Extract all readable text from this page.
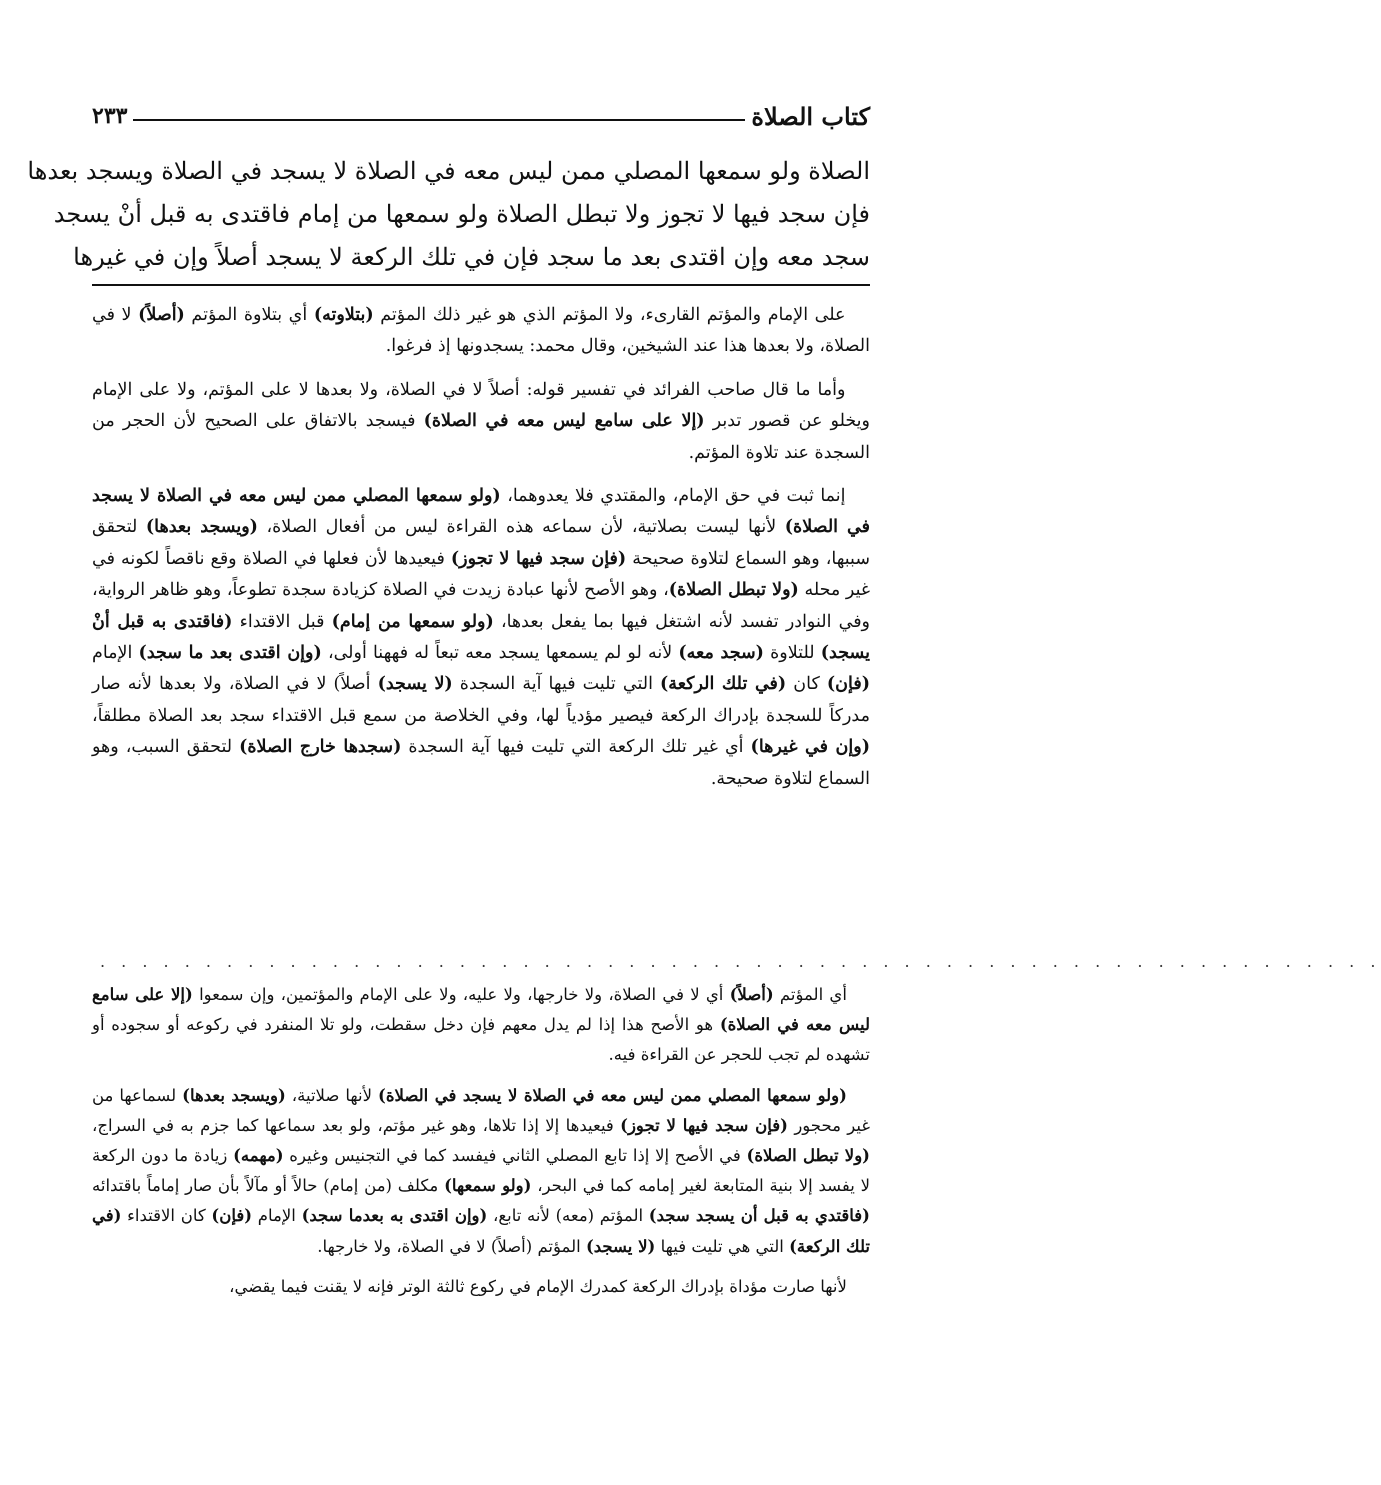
كتاب الصلاة
٢٣٣

الصلاة ولو سمعها المصلي ممن ليس معه في الصلاة لا يسجد في الصلاة ويسجد بعدها

فإن سجد فيها لا تجوز ولا تبطل الصلاة ولو سمعها من إمام فاقتدى به قبل أنْ يسجد

سجد معه وإن اقتدى بعد ما سجد فإن في تلك الركعة لا يسجد أصلاً وإن في غيرها

على الإمام والمؤتم القارىء، ولا المؤتم الذي هو غير ذلك المؤتم (بتلاوته) أي بتلاوة المؤتم (أصلاً) لا في الصلاة، ولا بعدها هذا عند الشيخين، وقال محمد: يسجدونها إذ فرغوا.

وأما ما قال صاحب الفرائد في تفسير قوله: أصلاً لا في الصلاة، ولا بعدها لا على المؤتم، ولا على الإمام ويخلو عن قصور تدبر (إلا على سامع ليس معه في الصلاة) فيسجد بالاتفاق على الصحيح لأن الحجر من السجدة عند تلاوة المؤتم.

إنما ثبت في حق الإمام، والمقتدي فلا يعدوهما، (ولو سمعها المصلي ممن ليس معه في الصلاة لا يسجد في الصلاة) لأنها ليست بصلاتية، لأن سماعه هذه القراءة ليس من أفعال الصلاة، (ويسجد بعدها) لتحقق سببها، وهو السماع لتلاوة صحيحة (فإن سجد فيها لا تجوز) فيعيدها لأن فعلها في الصلاة وقع ناقصاً لكونه في غير محله (ولا تبطل الصلاة)، وهو الأصح لأنها عبادة زيدت في الصلاة كزيادة سجدة تطوعاً، وهو ظاهر الرواية، وفي النوادر تفسد لأنه اشتغل فيها بما يفعل بعدها، (ولو سمعها من إمام) قبل الاقتداء (فاقتدى به قبل أنْ يسجد) للتلاوة (سجد معه) لأنه لو لم يسمعها يسجد معه تبعاً له فههنا أولى، (وإن اقتدى بعد ما سجد) الإمام (فإن) كان (في تلك الركعة) التي تليت فيها آية السجدة (لا يسجد) أصلاً) لا في الصلاة، ولا بعدها لأنه صار مدركاً للسجدة بإدراك الركعة فيصير مؤدياً لها، وفي الخلاصة من سمع قبل الاقتداء سجد بعد الصلاة مطلقاً، (وإن في غيرها) أي غير تلك الركعة التي تليت فيها آية السجدة (سجدها خارج الصلاة) لتحقق السبب، وهو السماع لتلاوة صحيحة.

. . . . . . . . . . . . . . . . . . . . . . . . . . . . . . . . . . . . . . . . . . . . . . . . . . . . . . . . . . . . .

أي المؤتم (أصلاً) أي لا في الصلاة، ولا خارجها، ولا عليه، ولا على الإمام والمؤتمين، وإن سمعوا (إلا على سامع ليس معه في الصلاة) هو الأصح هذا إذا لم يدل معهم فإن دخل سقطت، ولو تلا المنفرد في ركوعه أو سجوده أو تشهده لم تجب للحجر عن القراءة فيه.

(ولو سمعها المصلي ممن ليس معه في الصلاة لا يسجد في الصلاة) لأنها صلاتية، (ويسجد بعدها) لسماعها من غير محجور (فإن سجد فيها لا تجوز) فيعيدها إلا إذا تلاها، وهو غير مؤتم، ولو بعد سماعها كما جزم به في السراج، (ولا تبطل الصلاة) في الأصح إلا إذا تابع المصلي الثاني فيفسد كما في التجنيس وغيره (مهمه) زيادة ما دون الركعة لا يفسد إلا بنية المتابعة لغير إمامه كما في البحر، (ولو سمعها) مكلف (من إمام) حالاً أو مآلاً بأن صار إماماً باقتدائه (فاقتدي به قبل أن يسجد سجد) المؤتم (معه) لأنه تابع، (وإن اقتدى به بعدما سجد) الإمام (فإن) كان الاقتداء (في تلك الركعة) التي هي تليت فيها (لا يسجد) المؤتم (أصلاً) لا في الصلاة، ولا خارجها.

لأنها صارت مؤداة بإدراك الركعة كمدرك الإمام في ركوع ثالثة الوتر فإنه لا يقنت فيما يقضي،
